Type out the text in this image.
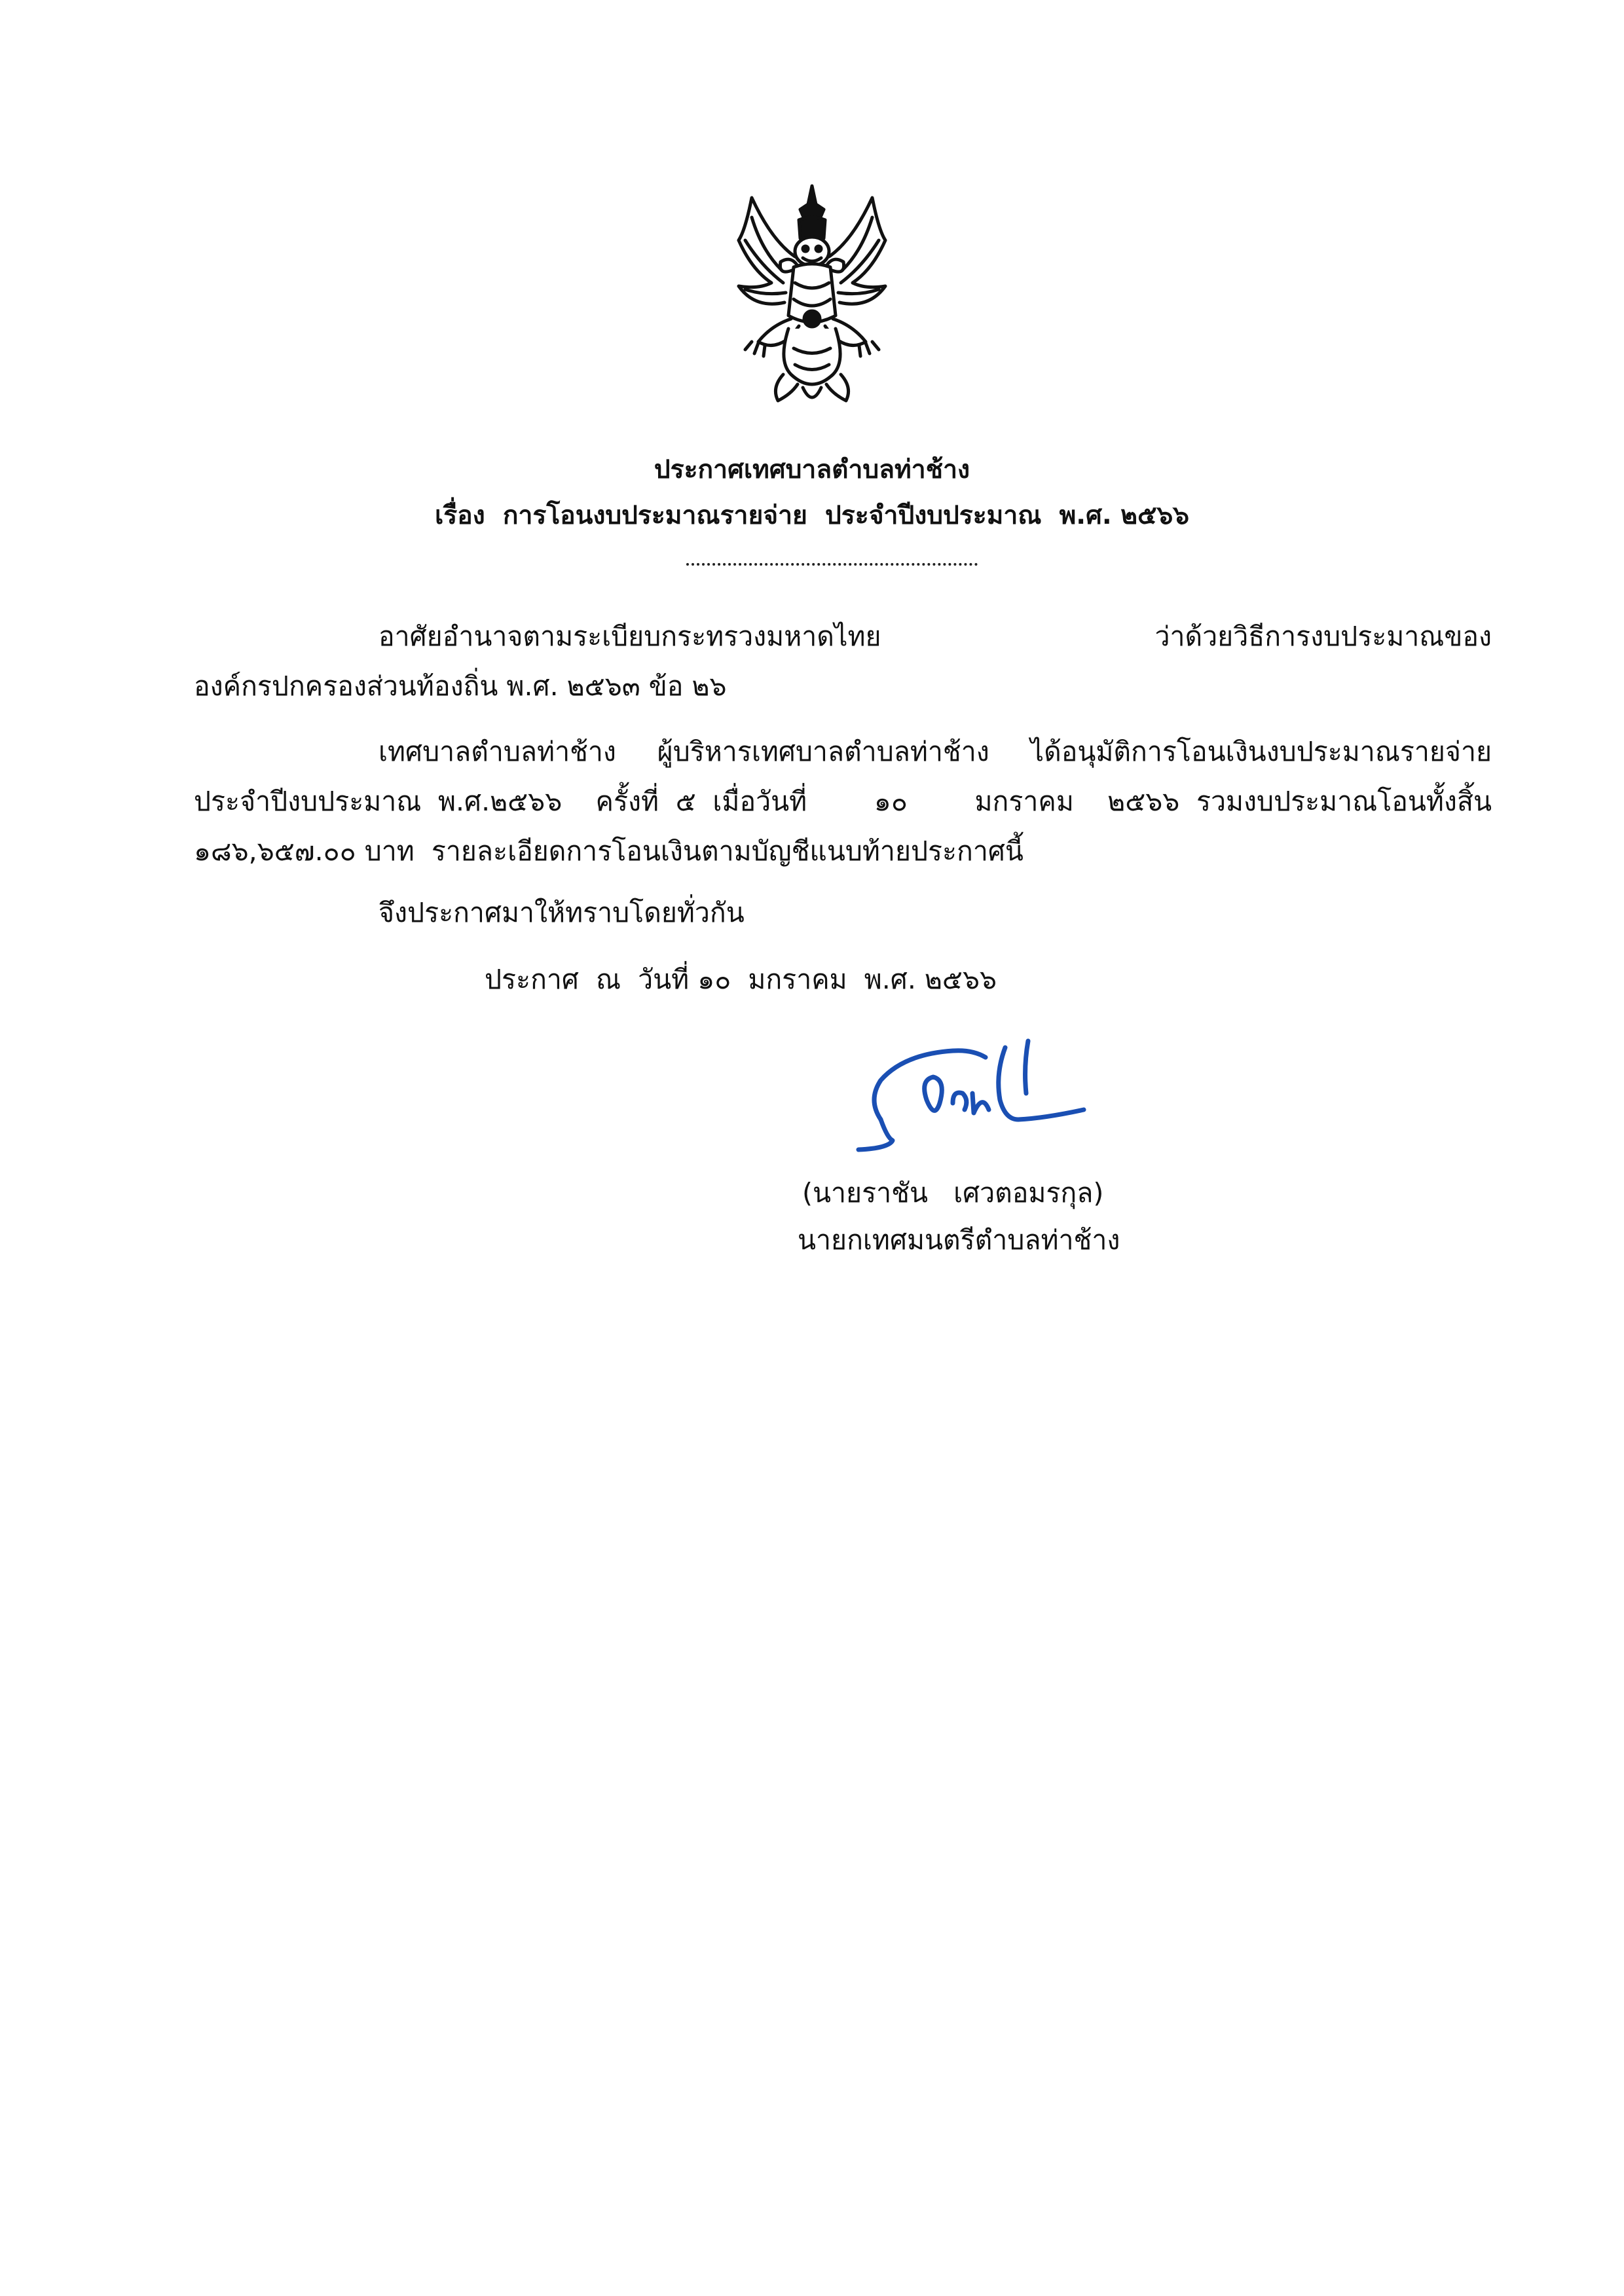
ประกาศเทศบาลตำบลท่าช้าง
เรื่อง  การโอนงบประมาณรายจ่าย  ประจำปีงบประมาณ  พ.ศ. ๒๕๖๖
อาศัยอำนาจตามระเบียบกระทรวงมหาดไทย ว่าด้วยวิธีการงบประมาณของ
องค์กรปกครองส่วนท้องถิ่น พ.ศ. ๒๕๖๓ ข้อ ๒๖
เทศบาลตำบลท่าช้าง ผู้บริหารเทศบาลตำบลท่าช้าง ได้อนุมัติการโอนเงินงบประมาณรายจ่าย
ประจำปีงบประมาณ พ.ศ.๒๕๖๖  ครั้งที่ ๕ เมื่อวันที่    ๑๐    มกราคม  ๒๕๖๖ รวมงบประมาณโอนทั้งสิ้น
๑๘๖,๖๕๗.๐๐ บาท  รายละเอียดการโอนเงินตามบัญชีแนบท้ายประกาศนี้
จึงประกาศมาให้ทราบโดยทั่วกัน
ประกาศ  ณ  วันที่ ๑๐  มกราคม  พ.ศ. ๒๕๖๖
(นายราชัน   เศวตอมรกุล)
นายกเทศมนตรีตำบลท่าช้าง
